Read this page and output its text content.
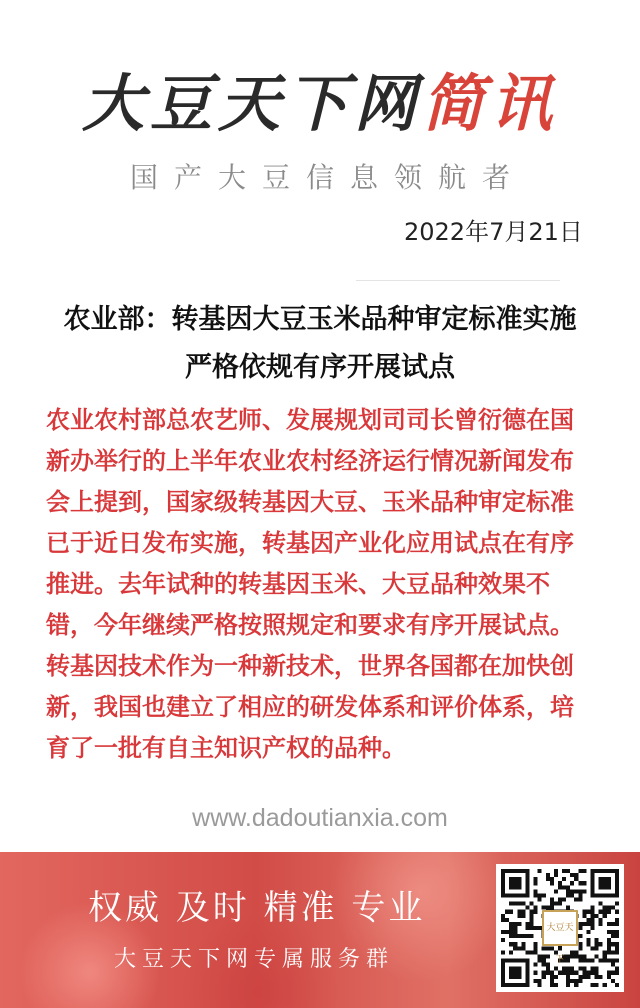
大豆天下网简讯
国产大豆信息领航者
2022年7月21日
农业部：转基因大豆玉米品种审定标准实施
严格依规有序开展试点

农业农村部总农艺师、发展规划司司长曾衍德在国新办举行的上半年农业农村经济运行情况新闻发布会上提到，国家级转基因大豆、玉米品种审定标准已于近日发布实施，转基因产业化应用试点在有序推进。去年试种的转基因玉米、大豆品种效果不错，今年继续严格按照规定和要求有序开展试点。

转基因技术作为一种新技术，世界各国都在加快创新，我国也建立了相应的研发体系和评价体系，培育了一批有自主知识产权的品种。

www.dadoutianxia.com
权威 及时 精准 专业
大豆天下网专属服务群
大豆天下
